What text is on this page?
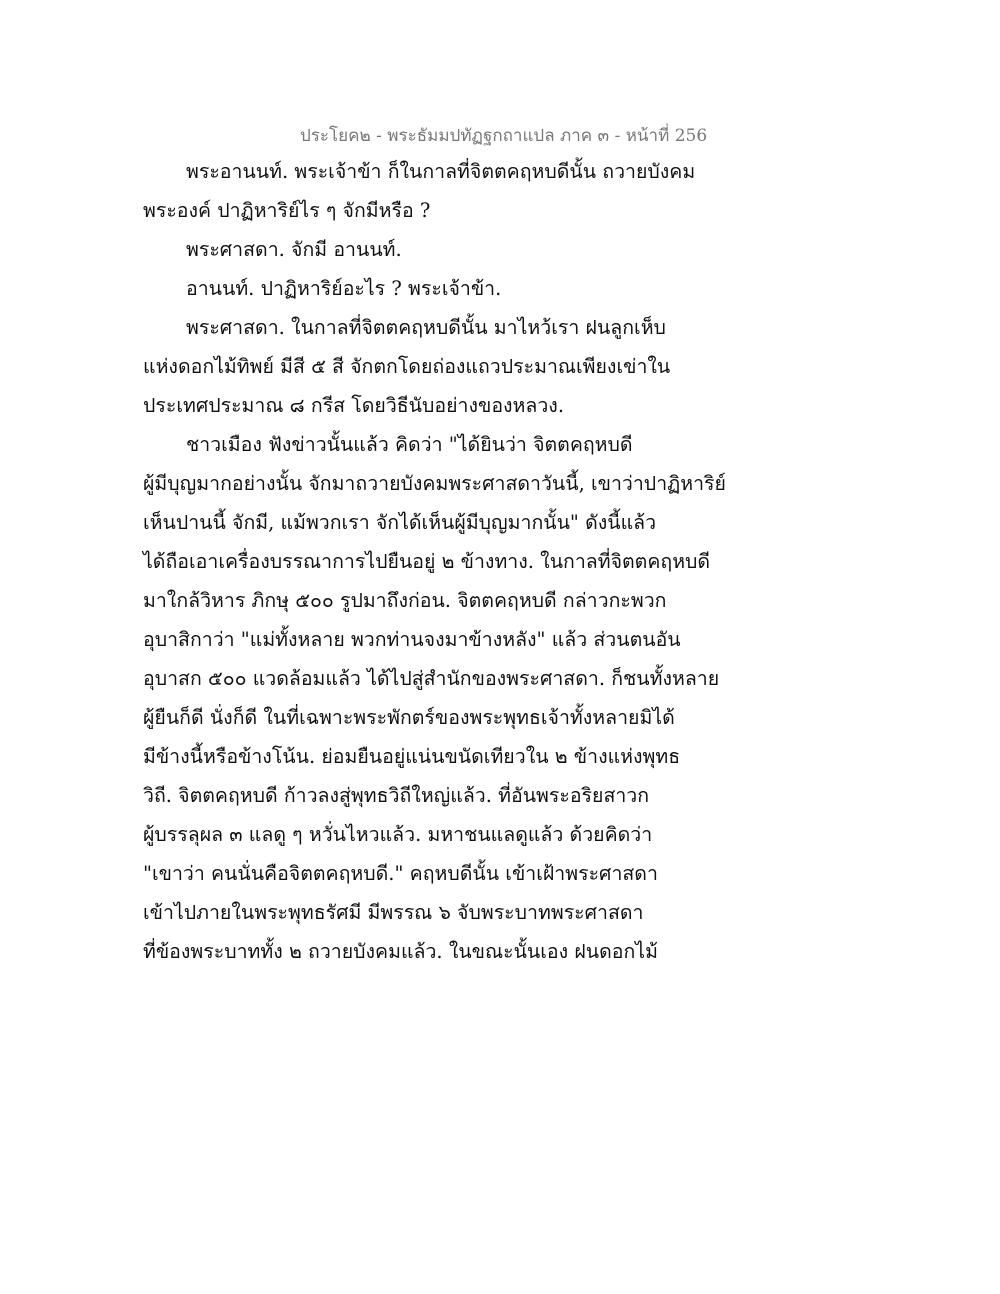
ประโยค๒ - พระธัมมปทัฏฐกถาแปล ภาค ๓ - หน้าที่ 256
พระอานนท์. พระเจ้าข้า ก็ในกาลที่จิตตคฤหบดีนั้น ถวายบังคม
พระองค์ ปาฏิหาริย์ไร ๆ จักมีหรือ ?
พระศาสดา. จักมี อานนท์.
อานนท์. ปาฏิหาริย์อะไร ? พระเจ้าข้า.
พระศาสดา. ในกาลที่จิตตคฤหบดีนั้น มาไหว้เรา ฝนลูกเห็บ
แห่งดอกไม้ทิพย์ มีสี ๕ สี จักตกโดยถ่องแถวประมาณเพียงเข่าใน
ประเทศประมาณ ๘ กรีส โดยวิธีนับอย่างของหลวง.
ชาวเมือง ฟังข่าวนั้นแล้ว คิดว่า "ได้ยินว่า จิตตคฤหบดี
ผู้มีบุญมากอย่างนั้น จักมาถวายบังคมพระศาสดาวันนี้, เขาว่าปาฏิหาริย์
เห็นปานนี้ จักมี, แม้พวกเรา จักได้เห็นผู้มีบุญมากนั้น" ดังนี้แล้ว
ได้ถือเอาเครื่องบรรณาการไปยืนอยู่ ๒ ข้างทาง. ในกาลที่จิตตคฤหบดี
มาใกล้วิหาร ภิกษุ ๕๐๐ รูปมาถึงก่อน. จิตตคฤหบดี กล่าวกะพวก
อุบาสิกาว่า "แม่ทั้งหลาย พวกท่านจงมาข้างหลัง" แล้ว ส่วนตนอัน
อุบาสก ๕๐๐ แวดล้อมแล้ว ได้ไปสู่สำนักของพระศาสดา. ก็ชนทั้งหลาย
ผู้ยืนก็ดี นั่งก็ดี ในที่เฉพาะพระพักตร์ของพระพุทธเจ้าทั้งหลายมิได้
มีข้างนี้หรือข้างโน้น. ย่อมยืนอยู่แน่นขนัดเทียวใน ๒ ข้างแห่งพุทธ
วิถี. จิตตคฤหบดี ก้าวลงสู่พุทธวิถีใหญ่แล้ว. ที่อันพระอริยสาวก
ผู้บรรลุผล ๓ แลดู ๆ หวั่นไหวแล้ว. มหาชนแลดูแล้ว ด้วยคิดว่า
"เขาว่า คนนั่นคือจิตตคฤหบดี." คฤหบดีนั้น เข้าเฝ้าพระศาสดา
เข้าไปภายในพระพุทธรัศมี มีพรรณ ๖ จับพระบาทพระศาสดา
ที่ข้องพระบาททั้ง ๒ ถวายบังคมแล้ว. ในขณะนั้นเอง ฝนดอกไม้
